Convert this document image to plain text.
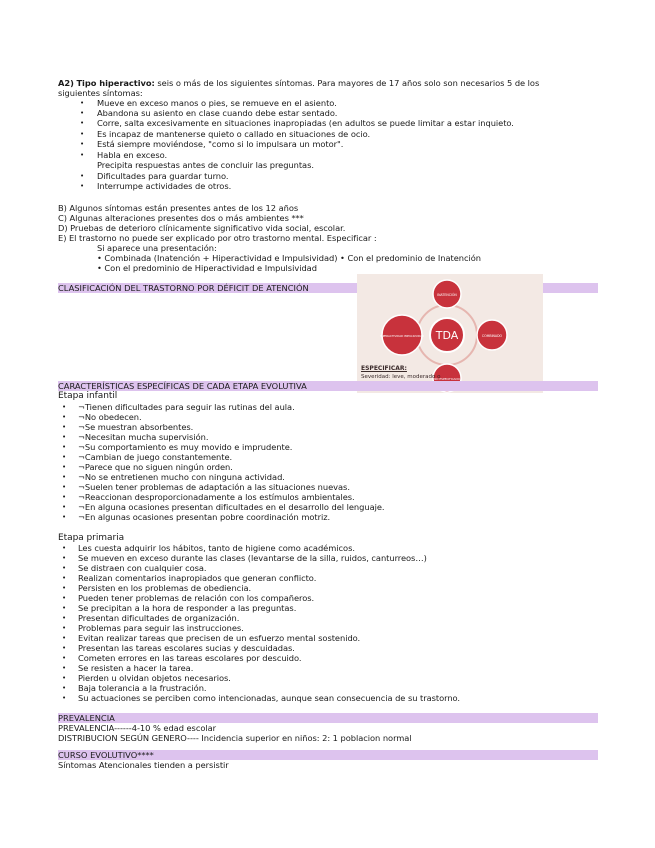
A2) Tipo hiperactivo: seis o más de los siguientes síntomas. Para mayores de 17 años solo son necesarios 5 de los
siguientes síntomas:
• Mueve en exceso manos o pies, se remueve en el asiento.
• Abandona su asiento en clase cuando debe estar sentado.
• Corre, salta excesivamente en situaciones inapropiadas (en adultos se puede limitar a estar inquieto.
• Es incapaz de mantenerse quieto o callado en situaciones de ocio.
• Está siempre moviéndose, "como si lo impulsara un motor".
• Habla en exceso.
Precipita respuestas antes de concluir las preguntas.
• Dificultades para guardar turno.
• Interrumpe actividades de otros.
B) Algunos síntomas están presentes antes de los 12 años
C) Algunas alteraciones presentes dos o más ambientes ***
D) Pruebas de deterioro clínicamente significativo vida social, escolar.
E) El trastorno no puede ser explicado por otro trastorno mental. Especificar :
Si aparece una presentación:
• Combinada (Inatención + Hiperactividad e Impulsividad) • Con el predominio de Inatención
• Con el predominio de Hiperactividad e Impulsividad
CLASIFICACIÓN DEL TRASTORNO POR DÉFICIT DE ATENCIÓN
TDA
INATENCIÓN
HIPERACTIVIDAD IMPULSIVIDAD	COMBINADO
NO ESPECIFICADO
ESPECIFICAR:
Severidad: leve, moderado o
CARACTERÍSTICAS ESPECÍFICAS DE CADA ETAPA EVOLUTIVA
Etapa infantil
• ¬Tienen dificultades para seguir las rutinas del aula.
• ¬No obedecen.
• ¬Se muestran absorbentes.
• ¬Necesitan mucha supervisión.
• ¬Su comportamiento es muy movido e imprudente.
• ¬Cambian de juego constantemente.
• ¬Parece que no siguen ningún orden.
• ¬No se entretienen mucho con ninguna actividad.
• ¬Suelen tener problemas de adaptación a las situaciones nuevas.
• ¬Reaccionan desproporcionadamente a los estímulos ambientales.
• ¬En alguna ocasiones presentan dificultades en el desarrollo del lenguaje.
• ¬En algunas ocasiones presentan pobre coordinación motriz.
Etapa primaria
• Les cuesta adquirir los hábitos, tanto de higiene como académicos.
• Se mueven en exceso durante las clases (levantarse de la silla, ruidos, canturreos…)
• Se distraen con cualquier cosa.
• Realizan comentarios inapropiados que generan conflicto.
• Persisten en los problemas de obediencia.
• Pueden tener problemas de relación con los compañeros.
• Se precipitan a la hora de responder a las preguntas.
• Presentan dificultades de organización.
• Problemas para seguir las instrucciones.
• Evitan realizar tareas que precisen de un esfuerzo mental sostenido.
• Presentan las tareas escolares sucias y descuidadas.
• Cometen errores en las tareas escolares por descuido.
• Se resisten a hacer la tarea.
• Pierden u olvidan objetos necesarios.
• Baja tolerancia a la frustración.
• Su actuaciones se perciben como intencionadas, aunque sean consecuencia de su trastorno.
PREVALENCIA
PREVALENCIA------4-10 % edad escolar
DISTRIBUCION SEGÚN GENERO---- Incidencia superior en niños: 2: 1 poblacion normal
CURSO EVOLUTIVO****
Síntomas Atencionales tienden a persistir
